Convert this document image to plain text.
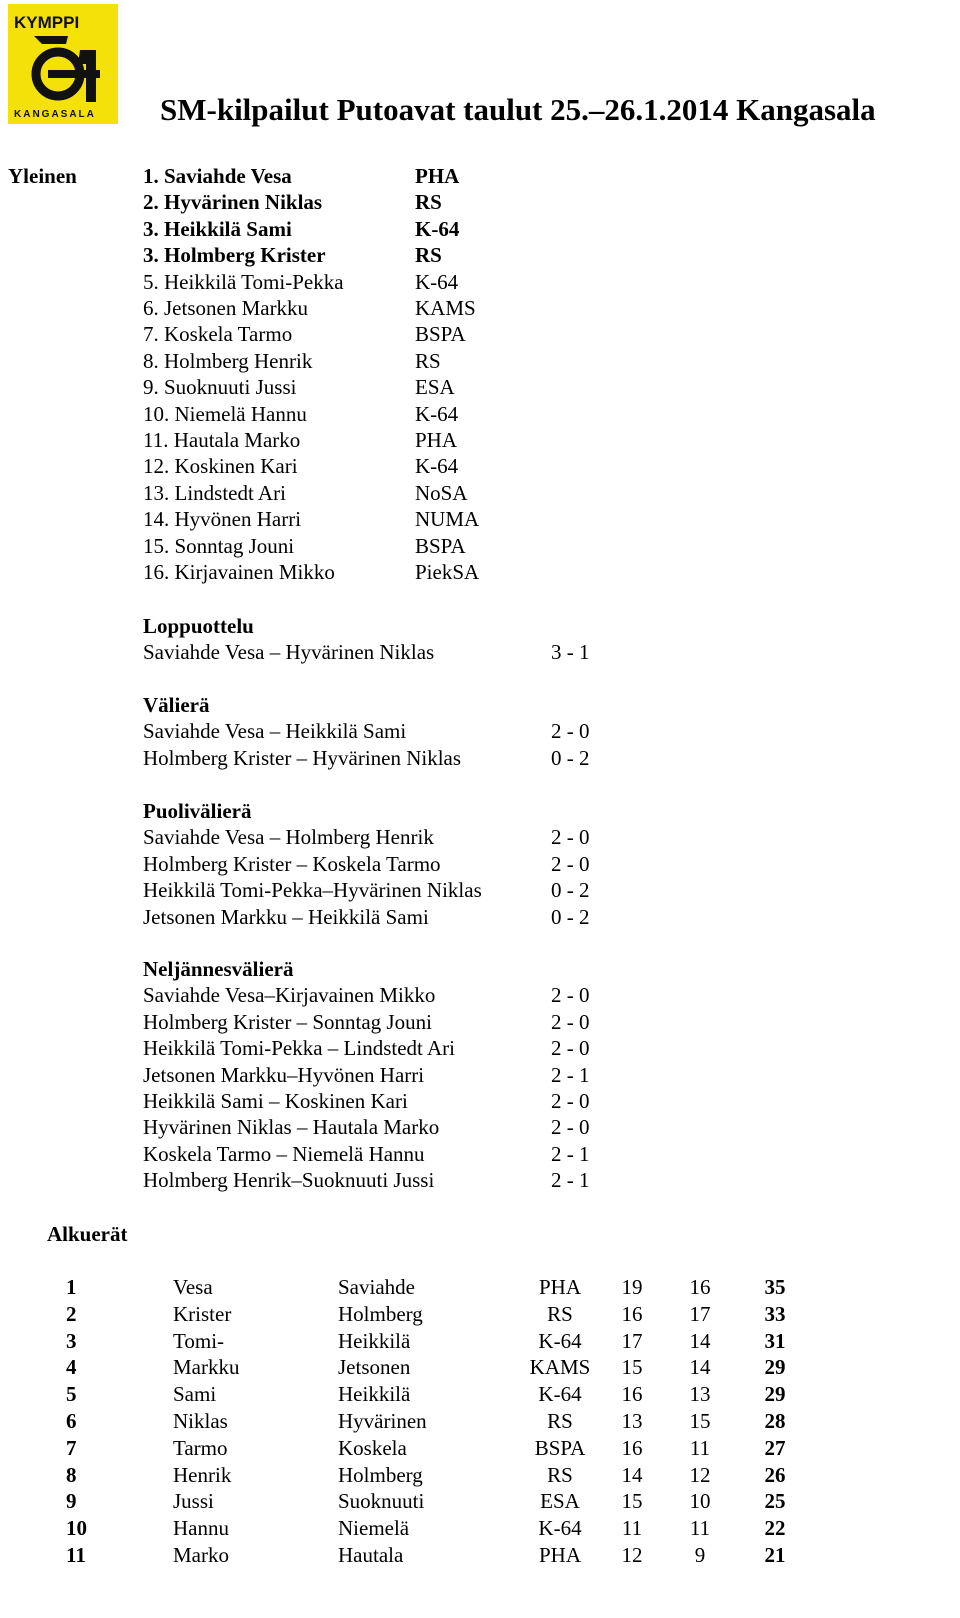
KYMPPI
KANGASALA SM-kilpailut Putoavat taulut 25.–26.1.2014 Kangasala
Yleinen	1. Saviahde Vesa	PHA
2. Hyvärinen Niklas	RS
3. Heikkilä Sami	K-64
3. Holmberg Krister	RS
5. Heikkilä Tomi-Pekka	K-64
6. Jetsonen Markku	KAMS
7. Koskela Tarmo	BSPA
8. Holmberg Henrik	RS
9. Suoknuuti Jussi	ESA
10. Niemelä Hannu	K-64
11. Hautala Marko	PHA
12. Koskinen Kari	K-64
13. Lindstedt Ari	NoSA
14. Hyvönen Harri	NUMA
15. Sonntag Jouni	BSPA
16. Kirjavainen Mikko	PiekSA
Loppuottelu
Saviahde Vesa – Hyvärinen Niklas	3 - 1
Välierä
Saviahde Vesa – Heikkilä Sami	2 - 0
Holmberg Krister – Hyvärinen Niklas	0 - 2
Puolivälierä
Saviahde Vesa – Holmberg Henrik	2 - 0
Holmberg Krister – Koskela Tarmo	2 - 0
Heikkilä Tomi-Pekka–Hyvärinen Niklas	0 - 2
Jetsonen Markku – Heikkilä Sami	0 - 2
Neljännesvälierä
Saviahde Vesa–Kirjavainen Mikko	2 - 0
Holmberg Krister – Sonntag Jouni	2 - 0
Heikkilä Tomi-Pekka – Lindstedt Ari	2 - 0
Jetsonen Markku–Hyvönen Harri	2 - 1
Heikkilä Sami – Koskinen Kari	2 - 0
Hyvärinen Niklas – Hautala Marko	2 - 0
Koskela Tarmo – Niemelä Hannu	2 - 1
Holmberg Henrik–Suoknuuti Jussi	2 - 1
Alkuerät
1	Vesa	Saviahde	PHA	19	16	35
2	Krister	Holmberg	RS	16	17	33
3	Tomi-	Heikkilä	K-64	17	14	31
4	Markku	Jetsonen	KAMS	15	14	29
5	Sami	Heikkilä	K-64	16	13	29
6	Niklas	Hyvärinen	RS	13	15	28
7	Tarmo	Koskela	BSPA	16	11	27
8	Henrik	Holmberg	RS	14	12	26
9	Jussi	Suoknuuti	ESA	15	10	25
10	Hannu	Niemelä	K-64	11	11	22
11	Marko	Hautala	PHA	12	9	21
